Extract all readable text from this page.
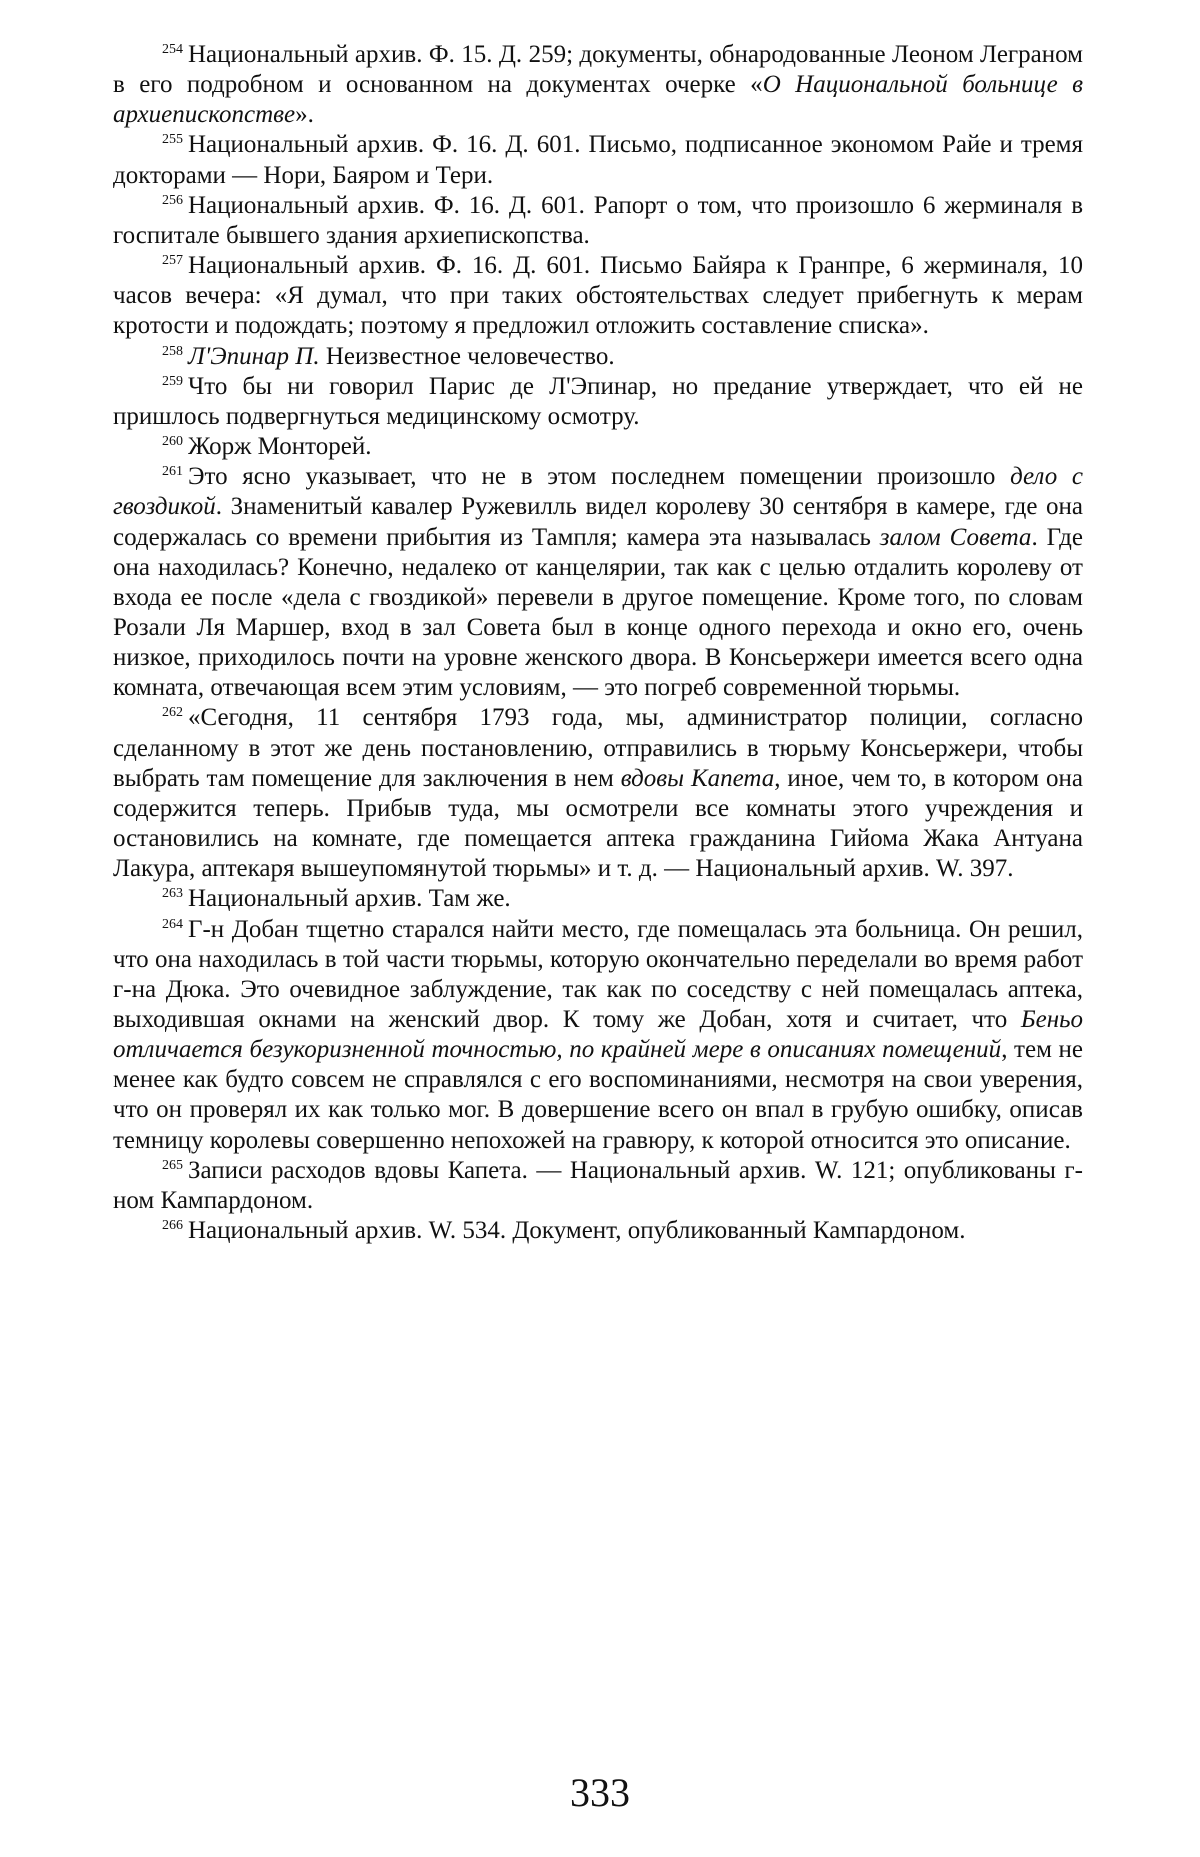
$^{254}$ Национальный архив. Ф. 15. Д. 259; документы, обнародованные Леоном Леграном в его подробном и основанном на документах очерке «О Национальной больнице в архиепископстве».

$^{255}$ Национальный архив. Ф. 16. Д. 601. Письмо, подписанное экономом Райе и тремя докторами — Нори, Баяром и Тери.

$^{256}$ Национальный архив. Ф. 16. Д. 601. Рапорт о том, что произошло 6 жерминаля в госпитале бывшего здания архиепископства.

$^{257}$ Национальный архив. Ф. 16. Д. 601. Письмо Байяра к Гранпре, 6 жерминаля, 10 часов вечера: «Я думал, что при таких обстоятельствах следует прибегнуть к мерам кротости и подождать; поэтому я предложил отложить составление списка».

$^{258}$ Л'Эпинар П. Неизвестное человечество.

$^{259}$ Что бы ни говорил Парис де Л'Эпинар, но предание утверждает, что ей не пришлось подвергнуться медицинскому осмотру.

$^{260}$ Жорж Монторей.

$^{261}$ Это ясно указывает, что не в этом последнем помещении произошло дело с гвоздикой. Знаменитый кавалер Ружевилль видел королеву 30 сентября в камере, где она содержалась со времени прибытия из Тампля; камера эта называлась залом Совета. Где она находилась? Конечно, недалеко от канцелярии, так как с целью отдалить королеву от входа ее после «дела с гвоздикой» перевели в другое помещение. Кроме того, по словам Розали Ля Маршер, вход в зал Совета был в конце одного перехода и окно его, очень низкое, приходилось почти на уровне женского двора. В Консьержери имеется всего одна комната, отвечающая всем этим условиям, — это погреб современной тюрьмы.

$^{262}$ «Сегодня, 11 сентября 1793 года, мы, администратор полиции, согласно сделанному в этот же день постановлению, отправились в тюрьму Консьержери, чтобы выбрать там помещение для заключения в нем вдовы Капета, иное, чем то, в котором она содержится теперь. Прибыв туда, мы осмотрели все комнаты этого учреждения и остановились на комнате, где помещается аптека гражданина Гийома Жака Антуана Лакура, аптекаря вышеупомянутой тюрьмы» и т. д. — Национальный архив. W. 397.

$^{263}$ Национальный архив. Там же.

$^{264}$ Г-н Добан тщетно старался найти место, где помещалась эта больница. Он решил, что она находилась в той части тюрьмы, которую окончательно переделали во время работ г-на Дюка. Это очевидное заблуждение, так как по соседству с ней помещалась аптека, выходившая окнами на женский двор. К тому же Добан, хотя и считает, что Беньо отличается безукоризненной точностью, по крайней мере в описаниях помещений, тем не менее как будто совсем не справлялся с его воспоминаниями, несмотря на свои уверения, что он проверял их как только мог. В довершение всего он впал в грубую ошибку, описав темницу королевы совершенно непохожей на гравюру, к которой относится это описание.

$^{265}$ Записи расходов вдовы Капета. — Национальный архив. W. 121; опубликованы г-ном Кампардоном.

$^{266}$ Национальный архив. W. 534. Документ, опубликованный Кампардоном.

333
